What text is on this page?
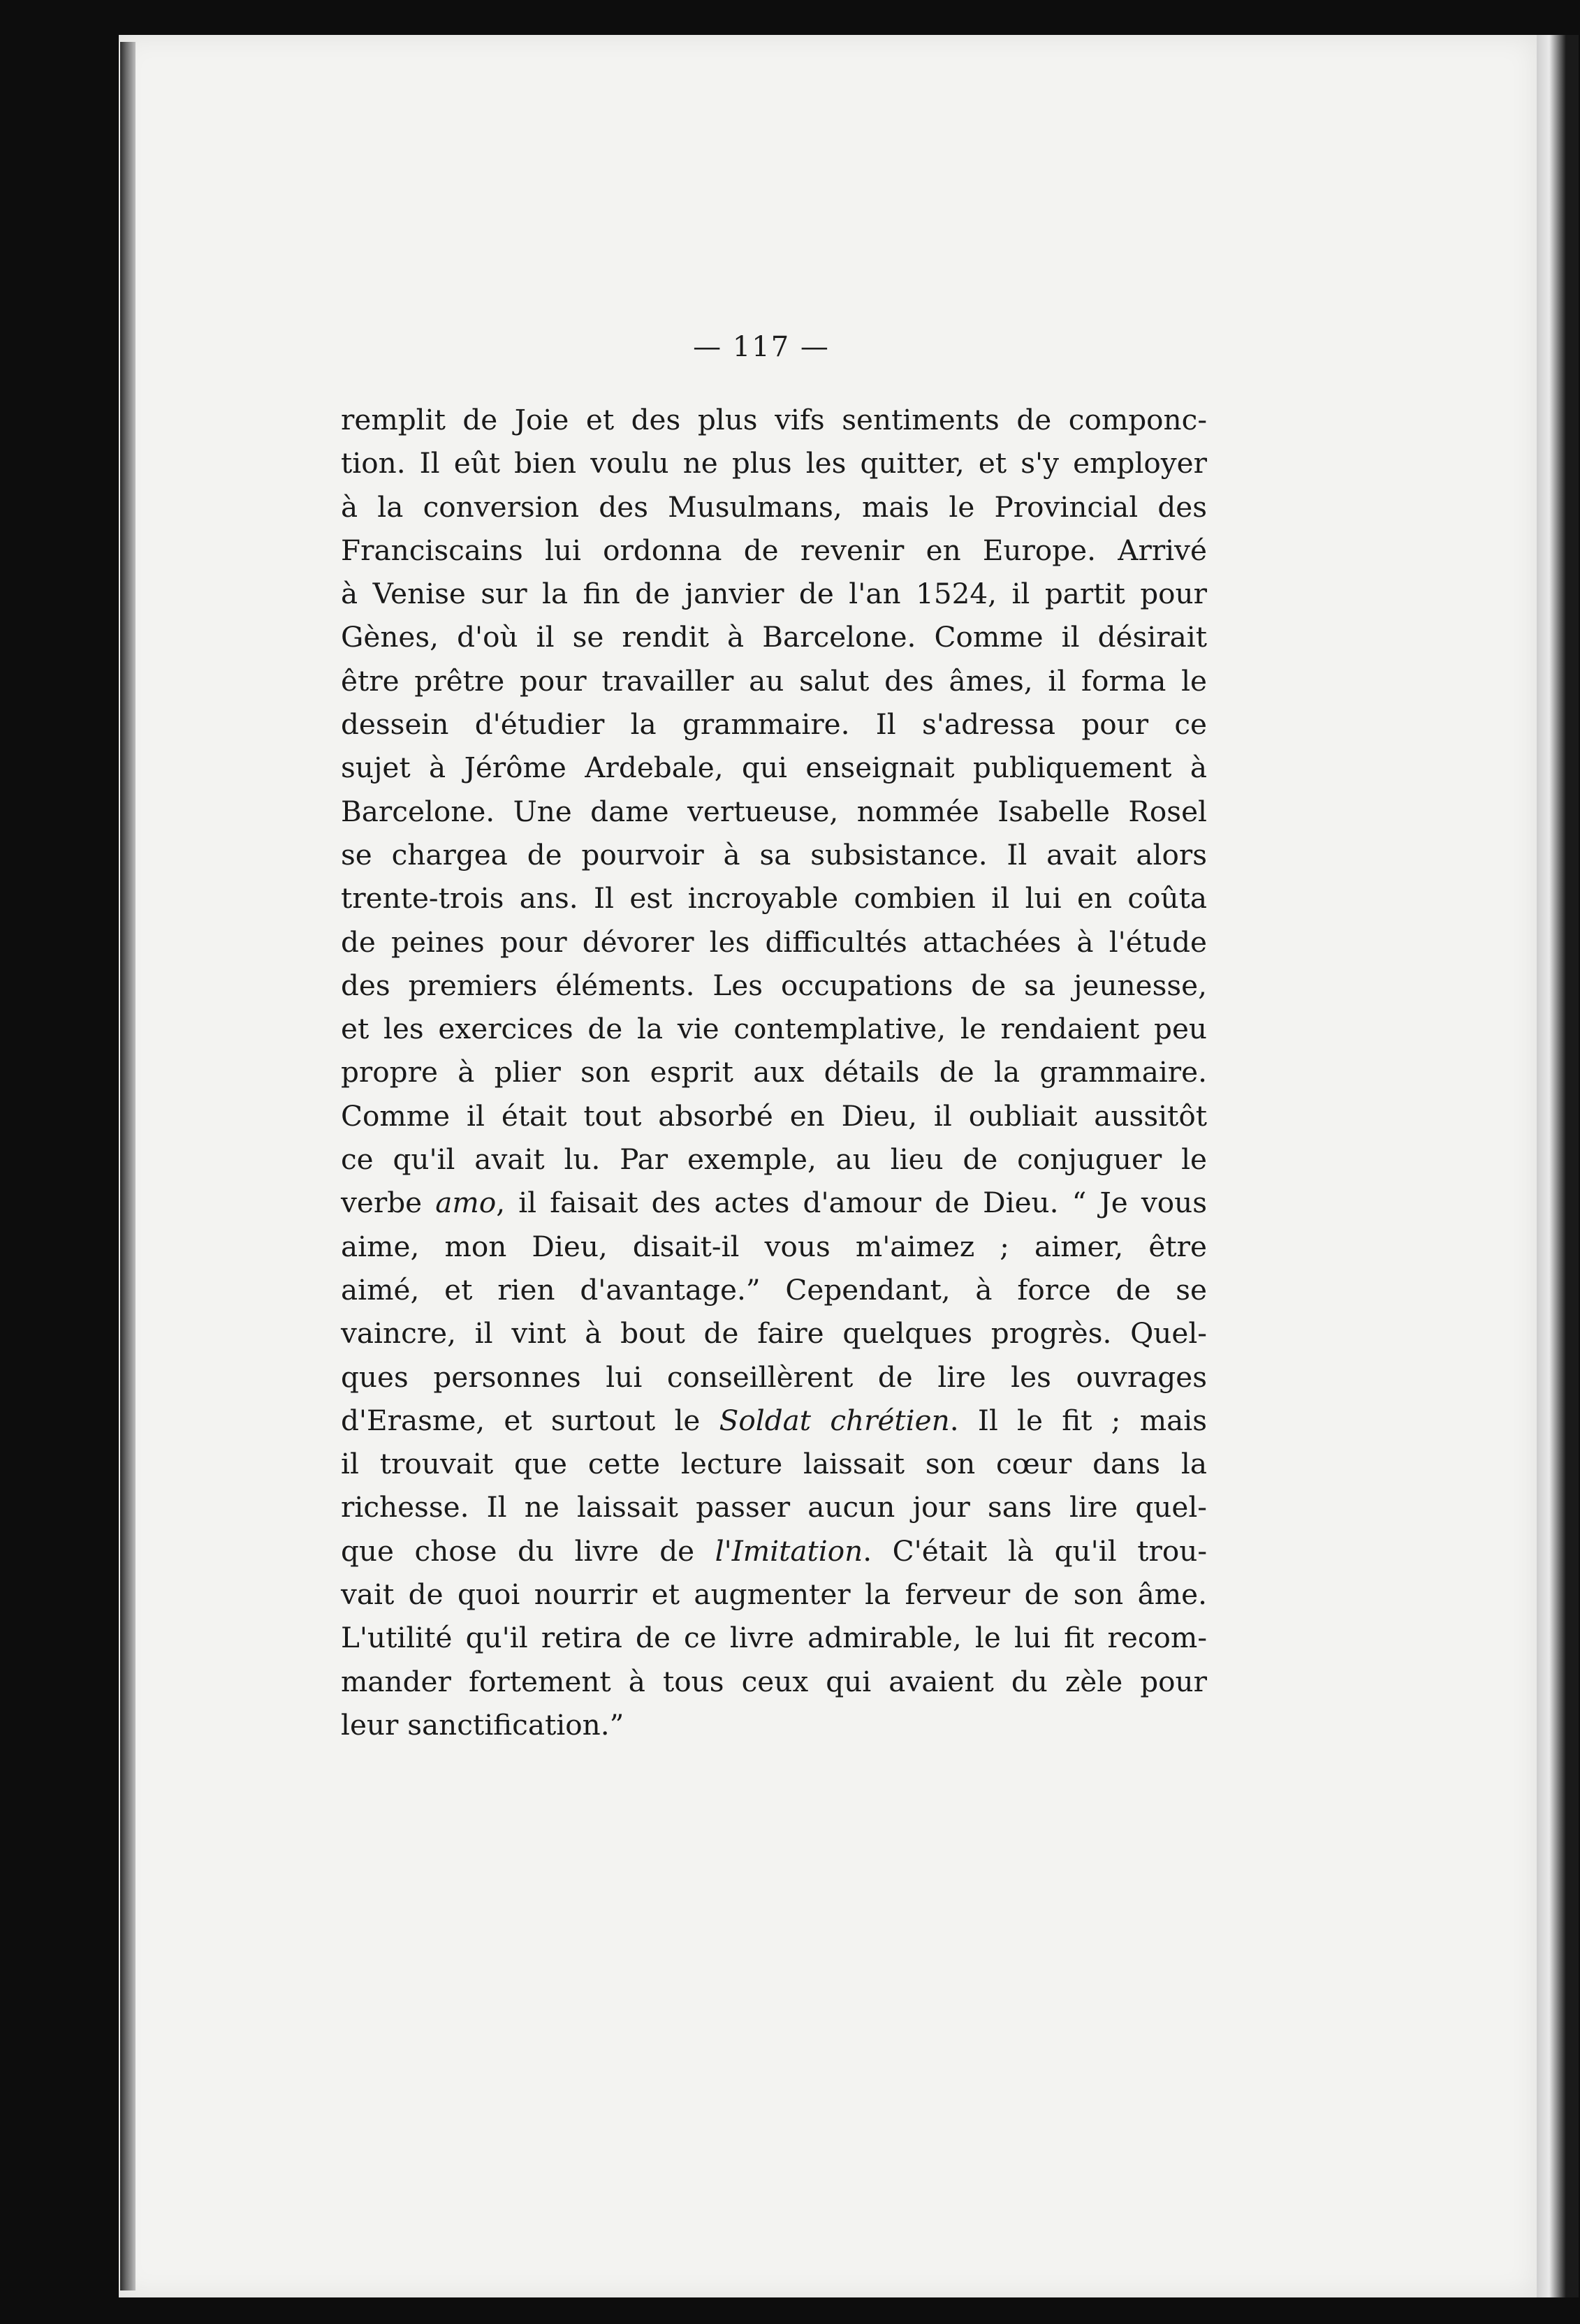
— 117 —
remplit de Joie et des plus vifs sentiments de componc-
tion. Il eût bien voulu ne plus les quitter, et s'y employer
à la conversion des Musulmans, mais le Provincial des
Franciscains lui ordonna de revenir en Europe. Arrivé
à Venise sur la fin de janvier de l'an 1524, il partit pour
Gènes, d'où il se rendit à Barcelone. Comme il désirait
être prêtre pour travailler au salut des âmes, il forma le
dessein d'étudier la grammaire. Il s'adressa pour ce
sujet à Jérôme Ardebale, qui enseignait publiquement à
Barcelone. Une dame vertueuse, nommée Isabelle Rosel
se chargea de pourvoir à sa subsistance. Il avait alors
trente-trois ans. Il est incroyable combien il lui en coûta
de peines pour dévorer les difficultés attachées à l'étude
des premiers éléments. Les occupations de sa jeunesse,
et les exercices de la vie contemplative, le rendaient peu
propre à plier son esprit aux détails de la grammaire.
Comme il était tout absorbé en Dieu, il oubliait aussitôt
ce qu'il avait lu. Par exemple, au lieu de conjuguer le
verbe amo, il faisait des actes d'amour de Dieu. “ Je vous
aime, mon Dieu, disait-il vous m'aimez ; aimer, être
aimé, et rien d'avantage.” Cependant, à force de se
vaincre, il vint à bout de faire quelques progrès. Quel-
ques personnes lui conseillèrent de lire les ouvrages
d'Erasme, et surtout le Soldat chrétien. Il le fit ; mais
il trouvait que cette lecture laissait son cœur dans la
richesse. Il ne laissait passer aucun jour sans lire quel-
que chose du livre de l'Imitation. C'était là qu'il trou-
vait de quoi nourrir et augmenter la ferveur de son âme.
L'utilité qu'il retira de ce livre admirable, le lui fit recom-
mander fortement à tous ceux qui avaient du zèle pour
leur sanctification.”
